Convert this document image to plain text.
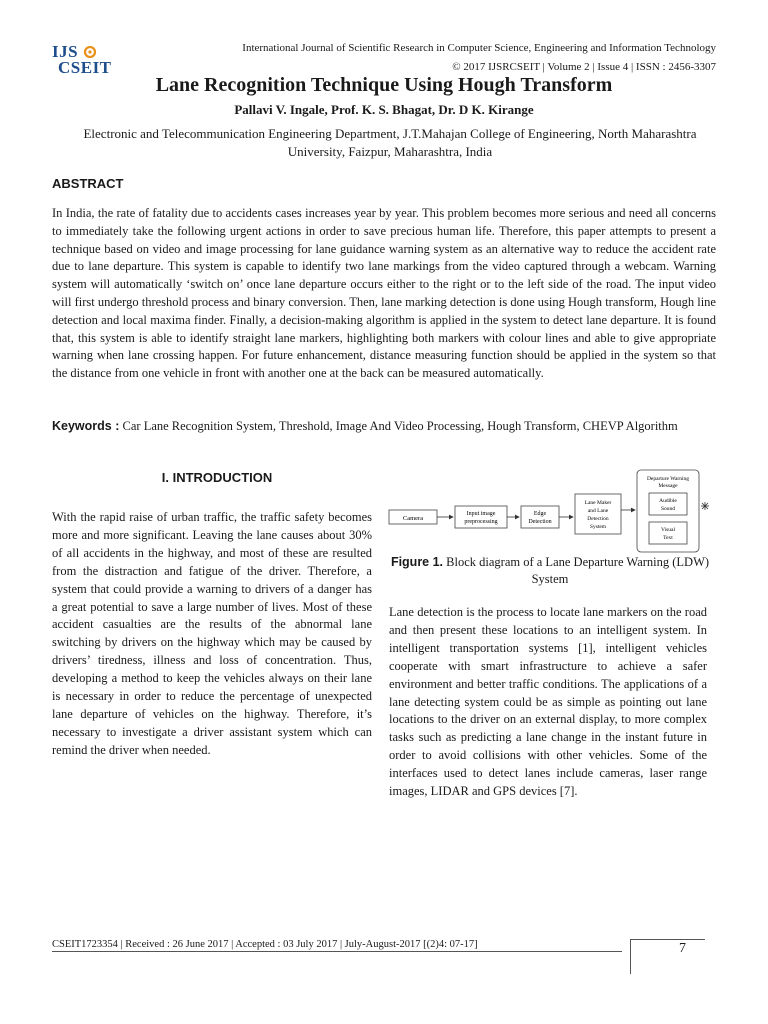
IJS
CSEIT
International Journal of Scientific Research in Computer Science, Engineering and Information Technology
© 2017 IJSRCSEIT | Volume 2 | Issue 4 | ISSN : 2456-3307
Lane Recognition Technique Using Hough Transform
Pallavi V. Ingale, Prof. K. S. Bhagat, Dr. D K. Kirange
Electronic and Telecommunication Engineering Department, J.T.Mahajan College of Engineering, North Maharashtra University, Faizpur, Maharashtra, India
ABSTRACT
In India, the rate of fatality due to accidents cases increases year by year. This problem becomes more serious and need all concerns to immediately take the following urgent actions in order to save precious human life. Therefore, this paper attempts to present a technique based on video and image processing for lane guidance warning system as an alternative way to reduce the accident rate due to lane departure. This system is capable to identify two lane markings from the video captured through a webcam. Warning system will automatically ‘switch on’ once lane departure occurs either to the right or to the left side of the road. The input video will first undergo threshold process and binary conversion. Then, lane marking detection is done using Hough transform, Hough line detection and local maxima finder. Finally, a decision-making algorithm is applied in the system to detect lane departure. It is found that, this system is able to identify straight lane markers, highlighting both markers with colour lines and able to give appropriate warning when lane crossing happen. For future enhancement, distance measuring function should be applied in the system so that the distance from one vehicle in front with another one at the back can be measured automatically.
Keywords : Car Lane Recognition System, Threshold, Image And Video Processing, Hough Transform, CHEVP Algorithm
I. INTRODUCTION
With the rapid raise of urban traffic, the traffic safety becomes more and more significant. Leaving the lane causes about 30% of all accidents in the highway, and most of these are resulted from the distraction and fatigue of the driver. Therefore, a system that could provide a warning to drivers of a danger has a great potential to save a large number of lives. Most of these accident casualties are the results of the abnormal lane switching by drivers on the highway which may be caused by drivers’ tiredness, illness and loss of concentration. Thus, developing a method to keep the vehicles always on their lane is necessary in order to reduce the percentage of unexpected lane departure of vehicles on the highway. Therefore, it’s necessary to investigate a driver assistant system which can remind the driver when needed.
Camera
Input image
preprocessing
Edge
Detection
Lane Maker
and Lane
Detection
System
Departure Warning
Message
Audible
Sound
Visual
Text
Figure 1. Block diagram of a Lane Departure Warning (LDW) System
Lane detection is the process to locate lane markers on the road and then present these locations to an intelligent system. In intelligent transportation systems [1], intelligent vehicles cooperate with smart infrastructure to achieve a safer environment and better traffic conditions. The applications of a lane detecting system could be as simple as pointing out lane locations to the driver on an external display, to more complex tasks such as predicting a lane change in the instant future in order to avoid collisions with other vehicles. Some of the interfaces used to detect lanes include cameras, laser range images, LIDAR and GPS devices [7].
CSEIT1723354 | Received : 26 June 2017 | Accepted : 03 July 2017 | July-August-2017 [(2)4: 07-17]	7
